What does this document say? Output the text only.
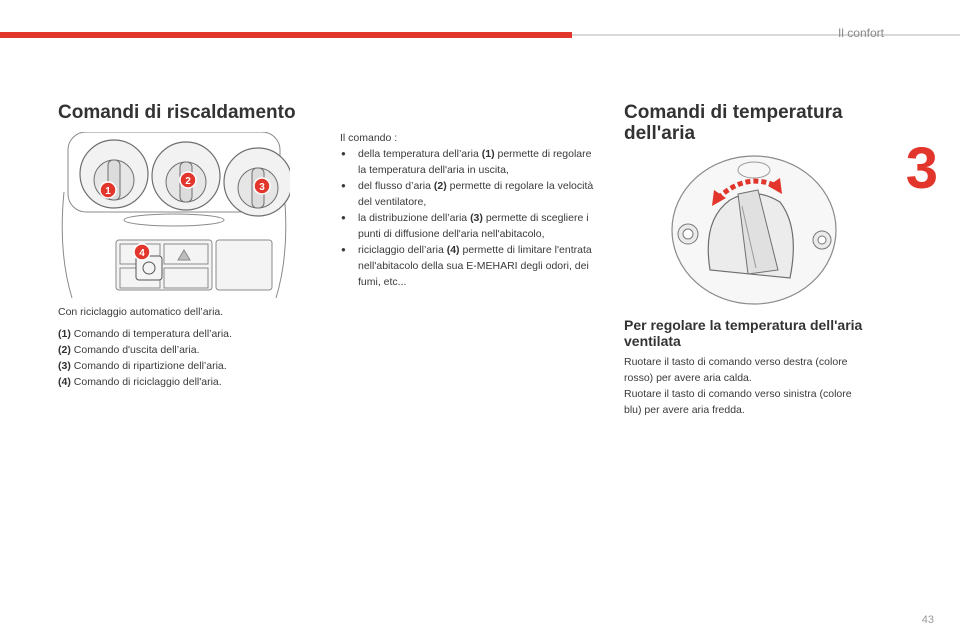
Il confort
3
Comandi di riscaldamento
1
2
3
4
Con riciclaggio automatico dell’aria.
(1) Comando di temperatura dell’aria.
(2) Comando d'uscita dell’aria.
(3) Comando di ripartizione dell’aria.
(4) Comando di riciclaggio dell'aria.
Il comando :
● della temperatura dell’aria (1) permette di regolare la temperatura dell'aria in uscita,
● del flusso d’aria (2) permette di regolare la velocità del ventilatore,
● la distribuzione dell’aria (3) permette di scegliere i punti di diffusione dell'aria nell'abitacolo,
● riciclaggio dell’aria (4) permette di limitare l'entrata nell'abitacolo della sua E-MEHARI degli odori, dei fumi, etc...
Comandi di temperatura dell'aria
Per regolare la temperatura dell'aria ventilata

Ruotare il tasto di comando verso destra (colore rosso) per avere aria calda.

Ruotare il tasto di comando verso sinistra (colore blu) per avere aria fredda.

43
